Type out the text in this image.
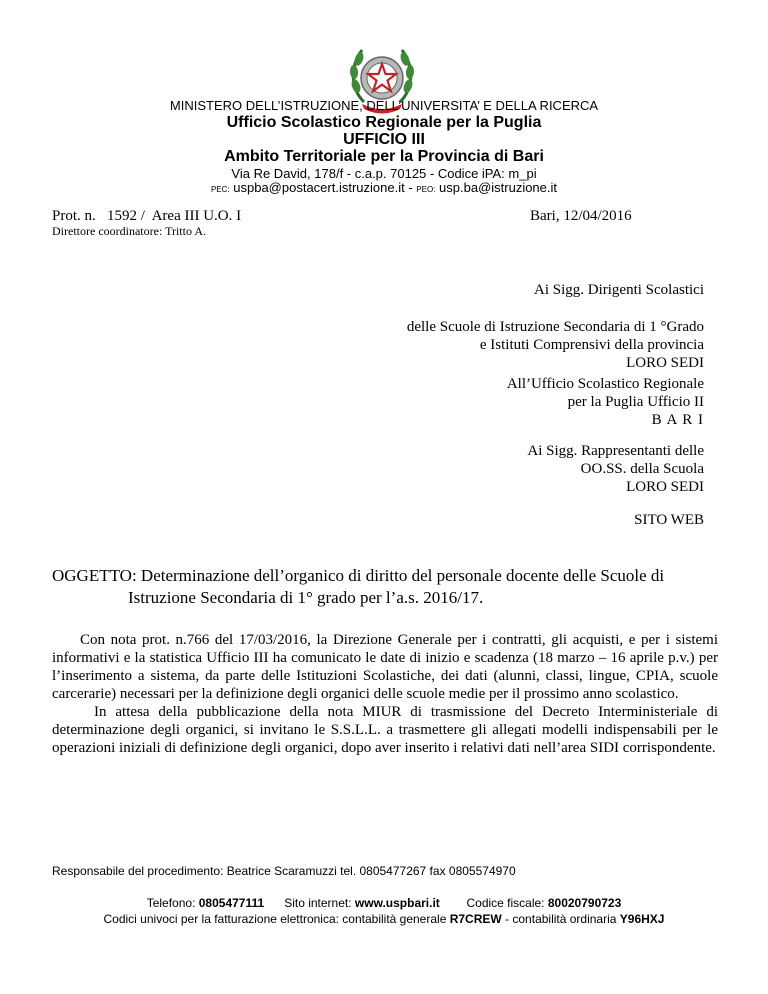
MINISTERO DELL’ISTRUZIONE, DELL’UNIVERSITA’ E DELLA RICERCA
Ufficio Scolastico Regionale per la Puglia
UFFICIO III
Ambito Territoriale per la Provincia di Bari
Via Re David, 178/f - c.a.p. 70125 - Codice iPA: m_pi
PEC: uspba@postacert.istruzione.it - PEO: usp.ba@istruzione.it
Prot. n.   1592 /  Area III U.O. I
Direttore coordinatore: Tritto A.
Bari, 12/04/2016
Ai Sigg. Dirigenti Scolastici
delle Scuole di Istruzione Secondaria di 1 °Grado
e Istituti Comprensivi della provincia
LORO SEDI
All’Ufficio Scolastico Regionale
per la Puglia Ufficio II
B A R I
Ai Sigg. Rappresentanti delle
OO.SS. della Scuola
LORO SEDI
SITO WEB
OGGETTO: Determinazione dell’organico di diritto del personale docente delle Scuole di
Istruzione Secondaria di 1° grado per l’a.s. 2016/17.

Con nota prot. n.766 del 17/03/2016, la Direzione Generale per i contratti, gli acquisti, e per i sistemi informativi e la statistica Ufficio III ha comunicato le date di inizio e scadenza (18 marzo – 16 aprile p.v.) per l’inserimento a sistema, da parte delle Istituzioni Scolastiche, dei dati (alunni, classi, lingue, CPIA, scuole carcerarie) necessari per la definizione degli organici delle scuole medie per il prossimo anno scolastico.

In attesa della pubblicazione della nota MIUR di trasmissione del Decreto Interministeriale di determinazione degli organici, si invitano le S.S.L.L. a trasmettere gli allegati modelli indispensabili per le operazioni iniziali di definizione degli organici, dopo aver inserito i relativi dati nell’area SIDI corrispondente.

Responsabile del procedimento: Beatrice Scaramuzzi tel. 0805477267 fax 0805574970
Telefono: 0805477111 Sito internet: www.uspbari.it Codice fiscale: 80020790723
Codici univoci per la fatturazione elettronica: contabilità generale R7CREW - contabilità ordinaria Y96HXJ
